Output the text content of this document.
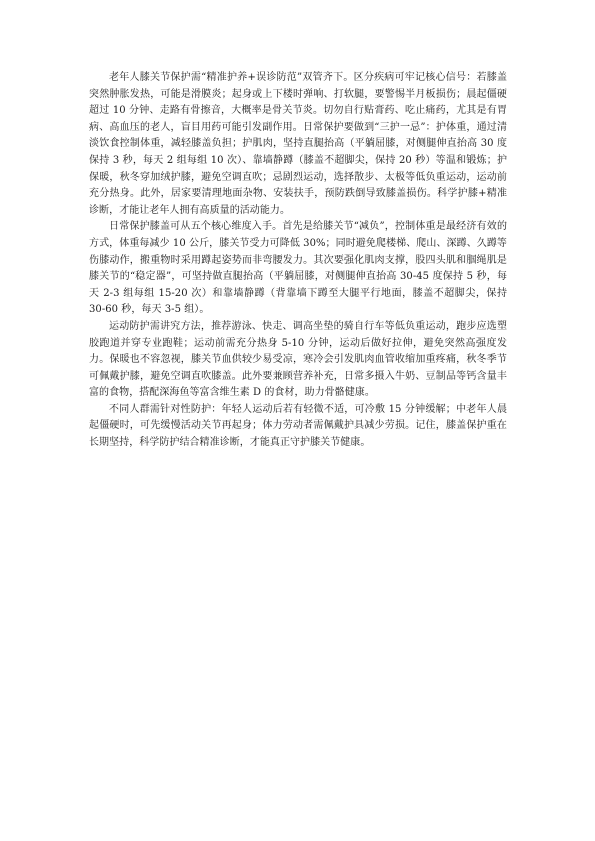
老年人膝关节保护需“精准护养+误诊防范”双管齐下。区分疾病可牢记核心信号：若膝盖突然肿胀发热，可能是滑膜炎；起身或上下楼时弹响、打软腿，要警惕半月板损伤；晨起僵硬超过 10 分钟、走路有骨擦音，大概率是骨关节炎。切勿自行贴膏药、吃止痛药，尤其是有胃病、高血压的老人，盲目用药可能引发副作用。日常保护要做到“三护一忌”：护体重，通过清淡饮食控制体重，减轻膝盖负担；护肌肉，坚持直腿抬高（平躺屈膝，对侧腿伸直抬高 30 度保持 3 秒，每天 2 组每组 10 次）、靠墙静蹲（膝盖不超脚尖，保持 20 秒）等温和锻炼；护保暖，秋冬穿加绒护膝，避免空调直吹；忌剧烈运动，选择散步、太极等低负重运动，运动前充分热身。此外，居家要清理地面杂物、安装扶手，预防跌倒导致膝盖损伤。科学护膝+精准诊断，才能让老年人拥有高质量的活动能力。

日常保护膝盖可从五个核心维度入手。首先是给膝关节“减负”，控制体重是最经济有效的方式，体重每减少 10 公斤，膝关节受力可降低 30%；同时避免爬楼梯、爬山、深蹲、久蹲等伤膝动作，搬重物时采用蹲起姿势而非弯腰发力。其次要强化肌肉支撑，股四头肌和腘绳肌是膝关节的“稳定器”，可坚持做直腿抬高（平躺屈膝，对侧腿伸直抬高 30-45 度保持 5 秒，每天 2-3 组每组 15-20 次）和靠墙静蹲（背靠墙下蹲至大腿平行地面，膝盖不超脚尖，保持 30-60 秒，每天 3-5 组）。

运动防护需讲究方法，推荐游泳、快走、调高坐垫的骑自行车等低负重运动，跑步应选塑胶跑道并穿专业跑鞋；运动前需充分热身 5-10 分钟，运动后做好拉伸，避免突然高强度发力。保暖也不容忽视，膝关节血供较少易受凉，寒冷会引发肌肉血管收缩加重疼痛，秋冬季节可佩戴护膝，避免空调直吹膝盖。此外要兼顾营养补充，日常多摄入牛奶、豆制品等钙含量丰富的食物，搭配深海鱼等富含维生素 D 的食材，助力骨骼健康。

不同人群需针对性防护：年轻人运动后若有轻微不适，可冷敷 15 分钟缓解；中老年人晨起僵硬时，可先缓慢活动关节再起身；体力劳动者需佩戴护具减少劳损。记住，膝盖保护重在长期坚持，科学防护结合精准诊断，才能真正守护膝关节健康。
